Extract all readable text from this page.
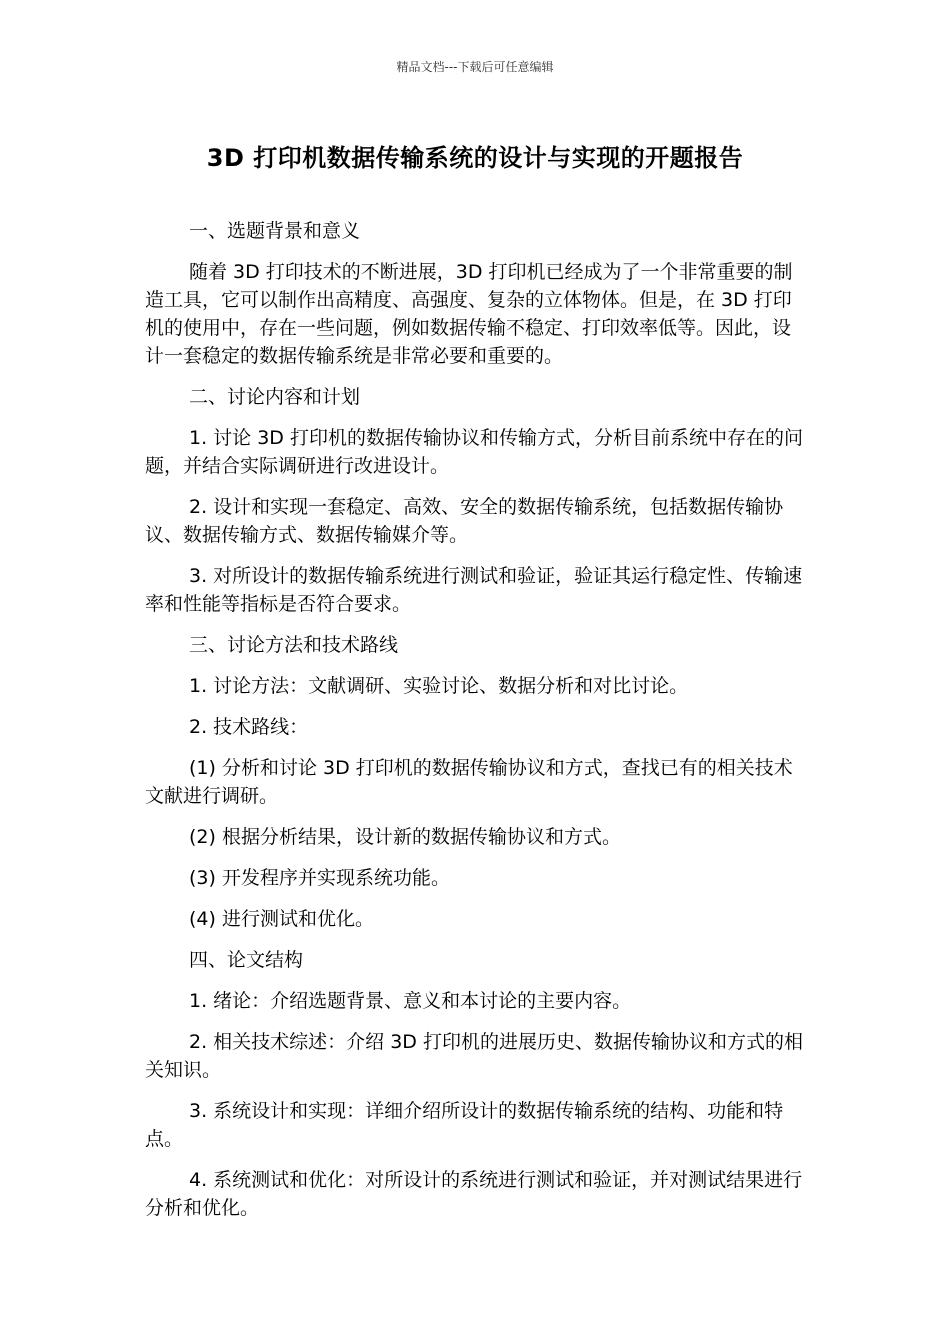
精品文档---下载后可任意编辑
3D 打印机数据传输系统的设计与实现的开题报告

一、选题背景和意义

随着 3D 打印技术的不断进展，3D 打印机已经成为了一个非常重要的制造工具，它可以制作出高精度、高强度、复杂的立体物体。但是，在 3D 打印机的使用中，存在一些问题，例如数据传输不稳定、打印效率低等。因此，设计一套稳定的数据传输系统是非常必要和重要的。

二、讨论内容和计划

1. 讨论 3D 打印机的数据传输协议和传输方式，分析目前系统中存在的问题，并结合实际调研进行改进设计。

2. 设计和实现一套稳定、高效、安全的数据传输系统，包括数据传输协议、数据传输方式、数据传输媒介等。

3. 对所设计的数据传输系统进行测试和验证，验证其运行稳定性、传输速率和性能等指标是否符合要求。

三、讨论方法和技术路线

1. 讨论方法：文献调研、实验讨论、数据分析和对比讨论。

2. 技术路线：

(1) 分析和讨论 3D 打印机的数据传输协议和方式，查找已有的相关技术文献进行调研。

(2) 根据分析结果，设计新的数据传输协议和方式。

(3) 开发程序并实现系统功能。

(4) 进行测试和优化。

四、论文结构

1. 绪论：介绍选题背景、意义和本讨论的主要内容。

2. 相关技术综述：介绍 3D 打印机的进展历史、数据传输协议和方式的相关知识。

3. 系统设计和实现：详细介绍所设计的数据传输系统的结构、功能和特点。

4. 系统测试和优化：对所设计的系统进行测试和验证，并对测试结果进行分析和优化。
